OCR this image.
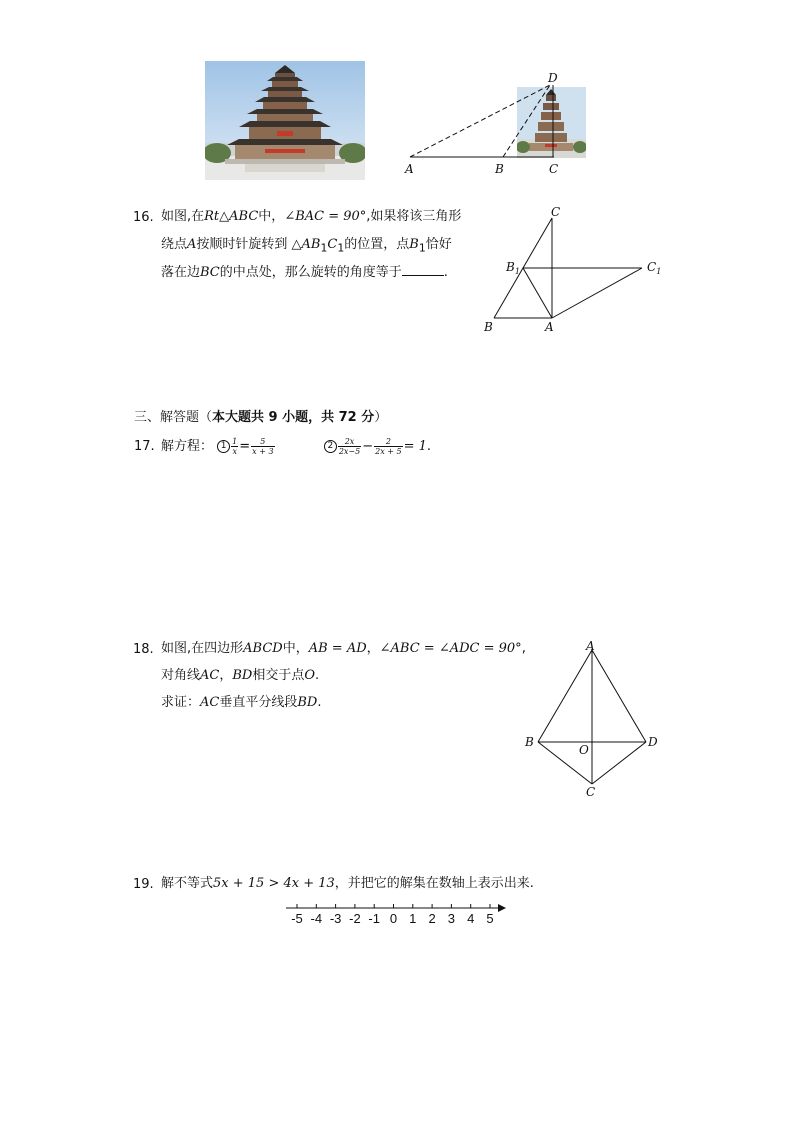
D
A	B	C
16. 如图,在Rt△ABC中，∠BAC = 90°,如果将该三角形
绕点A按顺时针旋转到 $\triangle AB_1C_1$的位置，点$B_1$恰好
落在边BC的中点处，那么旋转的角度等于	.
C
$B_1$	$C_1$
B	A
三、解答题（本大题共 9 小题，共 72 分）
17. 解方程： $1 \frac{1}{x} = \frac{5}{x + 3}$	$2 \frac{2x}{2x-5} - \frac{2}{2x + 5} = 1$.
18. 如图,在四边形ABCD中，AB = AD，∠ABC = ∠ADC = 90°,
对角线AC，BD相交于点O.
求证：AC垂直平分线段BD.
A
B
O
D
C
19. 解不等式5x + 15 > 4x + 13，并把它的解集在数轴上表示出来.
-5 -4 -3 -2 -1 0 1 2 3 4 5
